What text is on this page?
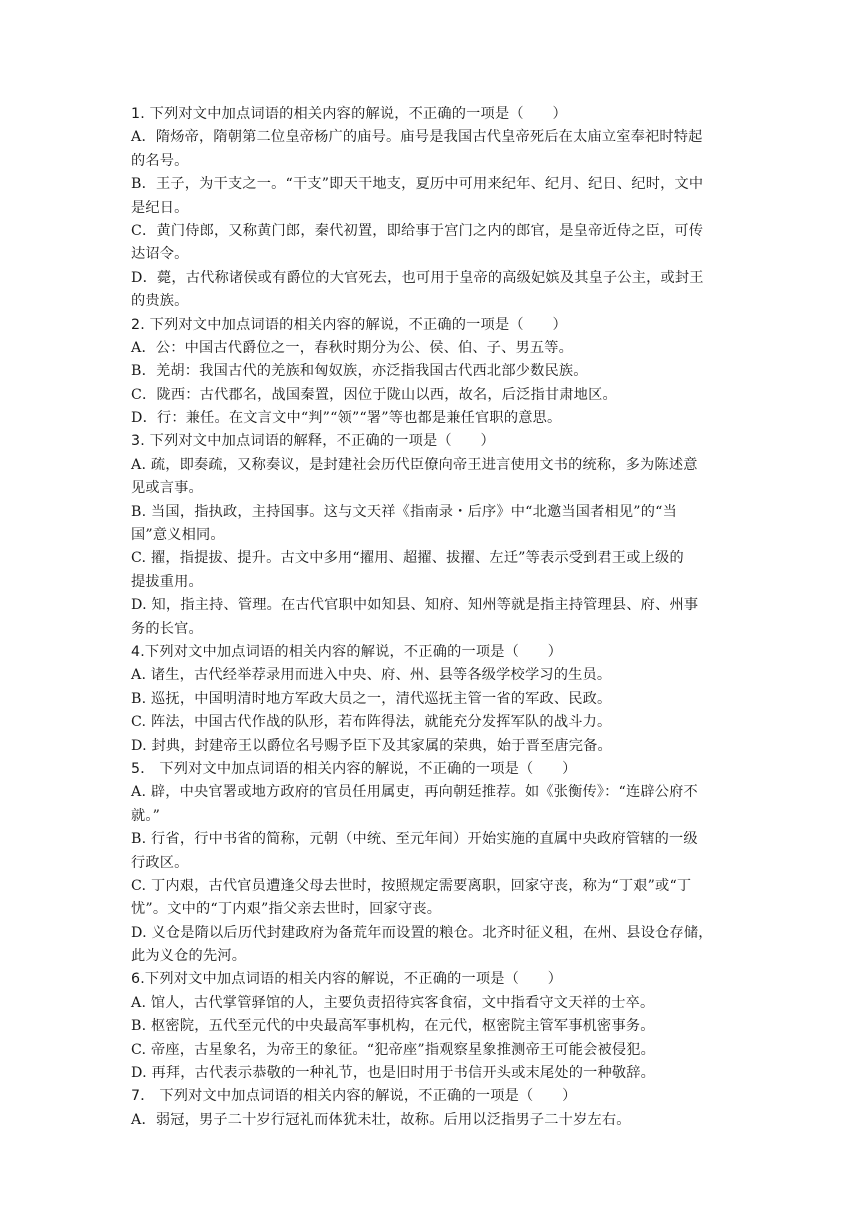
1. 下列对文中加点词语的相关内容的解说，不正确的一项是（　　）
A．隋炀帝，隋朝第二位皇帝杨广的庙号。庙号是我国古代皇帝死后在太庙立室奉祀时特起
的名号。
B．王子，为干支之一。“干支”即天干地支，夏历中可用来纪年、纪月、纪日、纪时，文中
是纪日。
C．黄门侍郎，又称黄门郎，秦代初置，即给事于宫门之内的郎官，是皇帝近侍之臣，可传
达诏令。
D．薨，古代称诸侯或有爵位的大官死去，也可用于皇帝的高级妃嫔及其皇子公主，或封王
的贵族。
2. 下列对文中加点词语的相关内容的解说，不正确的一项是（　　）
A．公：中国古代爵位之一，春秋时期分为公、侯、伯、子、男五等。
B．羌胡：我国古代的羌族和匈奴族，亦泛指我国古代西北部少数民族。
C．陇西：古代郡名，战国秦置，因位于陇山以西，故名，后泛指甘肃地区。
D．行：兼任。在文言文中“判”“领”“署”等也都是兼任官职的意思。
3. 下列对文中加点词语的解释，不正确的一项是（　　）
A. 疏，即奏疏，又称奏议，是封建社会历代臣僚向帝王进言使用文书的统称，多为陈述意
见或言事。
B. 当国，指执政，主持国事。这与文天祥《指南录・后序》中“北邀当国者相见”的“当
国”意义相同。
C. 擢，指提拔、提升。古文中多用“擢用、超擢、拔擢、左迁”等表示受到君王或上级的
提拔重用。
D. 知，指主持、管理。在古代官职中如知县、知府、知州等就是指主持管理县、府、州事
务的长官。
4.下列对文中加点词语的相关内容的解说，不正确的一项是（　　）
A. 诸生，古代经举荐录用而进入中央、府、州、县等各级学校学习的生员。
B. 巡抚，中国明清时地方军政大员之一，清代巡抚主管一省的军政、民政。
C. 阵法，中国古代作战的队形，若布阵得法，就能充分发挥军队的战斗力。
D. 封典，封建帝王以爵位名号赐予臣下及其家属的荣典，始于晋至唐完备。
5． 下列对文中加点词语的相关内容的解说，不正确的一项是（　　）
A. 辟，中央官署或地方政府的官员任用属吏，再向朝廷推荐。如《张衡传》：“连辟公府不
就。”
B. 行省，行中书省的简称，元朝（中统、至元年间）开始实施的直属中央政府管辖的一级
行政区。
C. 丁内艰，古代官员遭逢父母去世时，按照规定需要离职，回家守丧，称为“丁艰”或“丁
忧”。文中的“丁内艰”指父亲去世时，回家守丧。
D. 义仓是隋以后历代封建政府为备荒年而设置的粮仓。北齐时征义租，在州、县设仓存储，
此为义仓的先河。
6.下列对文中加点词语的相关内容的解说，不正确的一项是（　　）
A. 馆人，古代掌管驿馆的人，主要负责招待宾客食宿，文中指看守文天祥的士卒。
B. 枢密院，五代至元代的中央最高军事机构，在元代，枢密院主管军事机密事务。
C. 帝座，古星象名，为帝王的象征。“犯帝座”指观察星象推测帝王可能会被侵犯。
D. 再拜，古代表示恭敬的一种礼节，也是旧时用于书信开头或末尾处的一种敬辞。
7． 下列对文中加点词语的相关内容的解说，不正确的一项是（　　）
A．弱冠，男子二十岁行冠礼而体犹未壮，故称。后用以泛指男子二十岁左右。
